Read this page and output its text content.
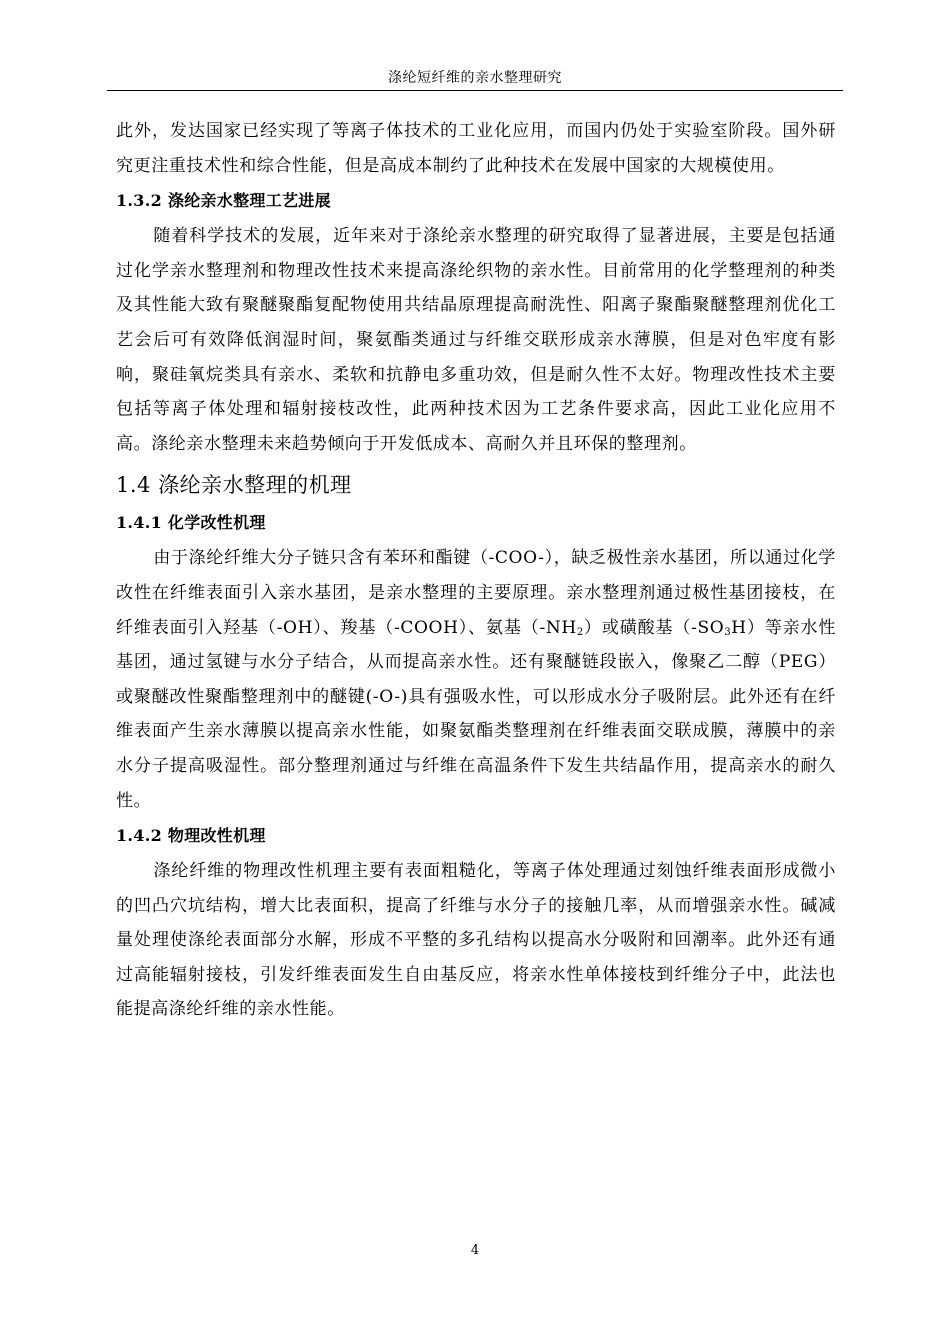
涤纶短纤维的亲水整理研究

此外，发达国家已经实现了等离子体技术的工业化应用，而国内仍处于实验室阶段。国外研究更注重技术性和综合性能，但是高成本制约了此种技术在发展中国家的大规模使用。

1.3.2 涤纶亲水整理工艺进展

随着科学技术的发展，近年来对于涤纶亲水整理的研究取得了显著进展，主要是包括通过化学亲水整理剂和物理改性技术来提高涤纶织物的亲水性。目前常用的化学整理剂的种类及其性能大致有聚醚聚酯复配物使用共结晶原理提高耐洗性、阳离子聚酯聚醚整理剂优化工艺会后可有效降低润湿时间，聚氨酯类通过与纤维交联形成亲水薄膜，但是对色牢度有影响，聚硅氧烷类具有亲水、柔软和抗静电多重功效，但是耐久性不太好。物理改性技术主要包括等离子体处理和辐射接枝改性，此两种技术因为工艺条件要求高，因此工业化应用不高。涤纶亲水整理未来趋势倾向于开发低成本、高耐久并且环保的整理剂。

1.4 涤纶亲水整理的机理
1.4.1 化学改性机理

由于涤纶纤维大分子链只含有苯环和酯键（-COO-），缺乏极性亲水基团，所以通过化学改性在纤维表面引入亲水基团，是亲水整理的主要原理。亲水整理剂通过极性基团接枝，在纤维表面引入羟基（-OH）、羧基（-COOH）、氨基$(-NH_2)$或磺酸基$(-SO_3H)$等亲水性基团，通过氢键与水分子结合，从而提高亲水性。还有聚醚链段嵌入，像聚乙二醇（PEG）或聚醚改性聚酯整理剂中的醚键(-O-)具有强吸水性，可以形成水分子吸附层。此外还有在纤维表面产生亲水薄膜以提高亲水性能，如聚氨酯类整理剂在纤维表面交联成膜，薄膜中的亲水分子提高吸湿性。部分整理剂通过与纤维在高温条件下发生共结晶作用，提高亲水的耐久性。

1.4.2 物理改性机理

涤纶纤维的物理改性机理主要有表面粗糙化，等离子体处理通过刻蚀纤维表面形成微小的凹凸穴坑结构，增大比表面积，提高了纤维与水分子的接触几率，从而增强亲水性。碱减量处理使涤纶表面部分水解，形成不平整的多孔结构以提高水分吸附和回潮率。此外还有通过高能辐射接枝，引发纤维表面发生自由基反应，将亲水性单体接枝到纤维分子中，此法也能提高涤纶纤维的亲水性能。

4
